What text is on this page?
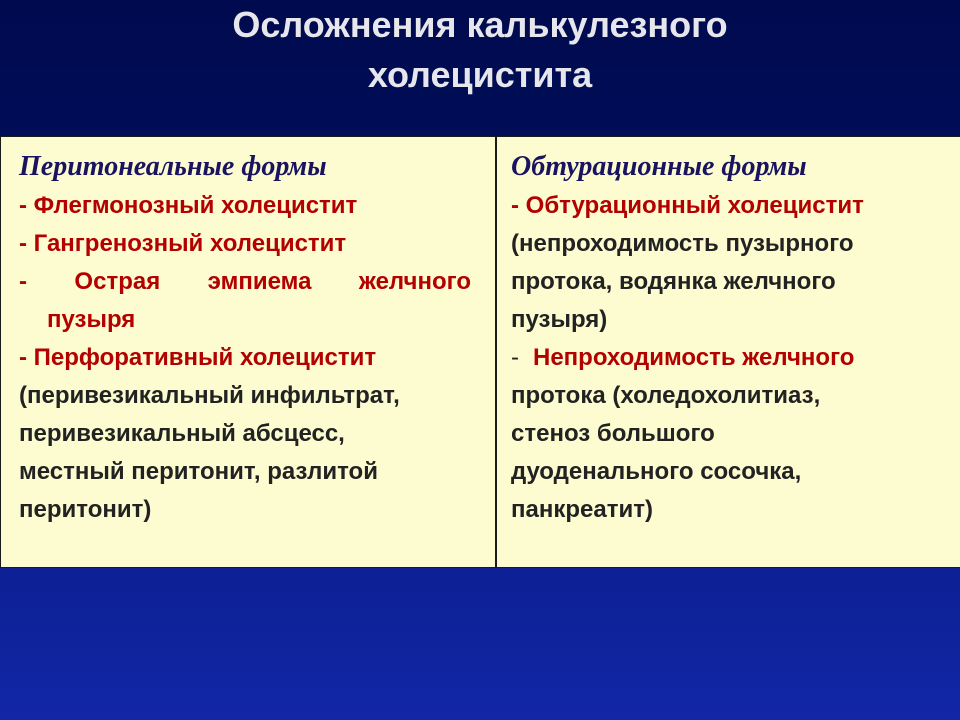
Осложнения калькулезного
холецистита
Перитонеальные формы
- Флегмонозный холецистит
- Гангренозный холецистит
- Острая эмпиема желчного
пузыря
- Перфоративный холецистит
(перивезикальный инфильтрат,
перивезикальный абсцесс,
местный перитонит, разлитой
перитонит)
Обтурационные формы
- Обтурационный холецистит
(непроходимость пузырного
протока, водянка желчного
пузыря)
- Непроходимость желчного
протока (холедохолитиаз,
стеноз большого
дуоденального сосочка,
панкреатит)
